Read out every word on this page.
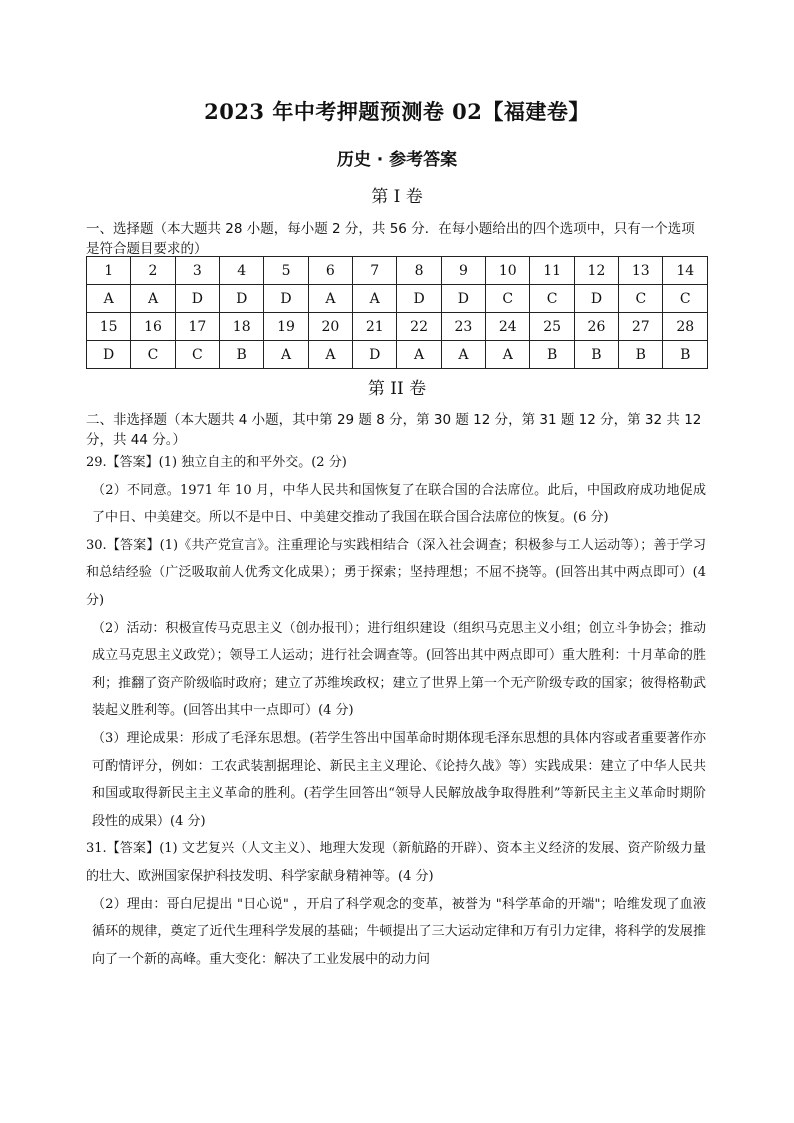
2023 年中考押题预测卷 02【福建卷】
历史 · 参考答案
第 I 卷
一、选择题（本大题共 28 小题，每小题 2 分，共 56 分．在每小题给出的四个选项中，只有一个选项是符合题目要求的）
1	2	3	4	5	6	7	8	9	10	11	12	13	14
A	A	D	D	D	A	A	D	D	C	C	D	C	C
15	16	17	18	19	20	21	22	23	24	25	26	27	28
D	C	C	B	A	A	D	A	A	A	B	B	B	B
第 II 卷
二、非选择题（本大题共 4 小题，其中第 29 题 8 分，第 30 题 12 分，第 31 题 12 分，第 32 共 12 分，共 44 分。）

29.【答案】(1) 独立自主的和平外交。(2 分)

（2）不同意。1971 年 10 月，中华人民共和国恢复了在联合国的合法席位。此后，中国政府成功地促成了中日、中美建交。所以不是中日、中美建交推动了我国在联合国合法席位的恢复。(6 分)

30.【答案】(1)《共产党宣言》。注重理论与实践相结合（深入社会调查；积极参与工人运动等）；善于学习和总结经验（广泛吸取前人优秀文化成果）；勇于探索；坚持理想；不屈不挠等。(回答出其中两点即可）(4 分)

（2）活动：积极宣传马克思主义（创办报刊）；进行组织建设（组织马克思主义小组；创立斗争协会；推动成立马克思主义政党）；领导工人运动；进行社会调查等。(回答出其中两点即可）重大胜利：十月革命的胜利；推翻了资产阶级临时政府；建立了苏维埃政权；建立了世界上第一个无产阶级专政的国家；彼得格勒武装起义胜利等。(回答出其中一点即可）(4 分)

（3）理论成果：形成了毛泽东思想。(若学生答出中国革命时期体现毛泽东思想的具体内容或者重要著作亦可酌情评分，例如：工农武装割据理论、新民主主义理论、《论持久战》等）实践成果：建立了中华人民共和国或取得新民主主义革命的胜利。(若学生回答出“领导人民解放战争取得胜利”等新民主主义革命时期阶段性的成果）(4 分)

31.【答案】(1) 文艺复兴（人文主义）、地理大发现（新航路的开辟）、资本主义经济的发展、资产阶级力量的壮大、欧洲国家保护科技发明、科学家献身精神等。(4 分)

（2）理由：哥白尼提出 "日心说" ，开启了科学观念的变革，被誉为 "科学革命的开端"；哈维发现了血液循环的规律，奠定了近代生理科学发展的基础；牛顿提出了三大运动定律和万有引力定律，将科学的发展推向了一个新的高峰。重大变化：解决了工业发展中的动力问
